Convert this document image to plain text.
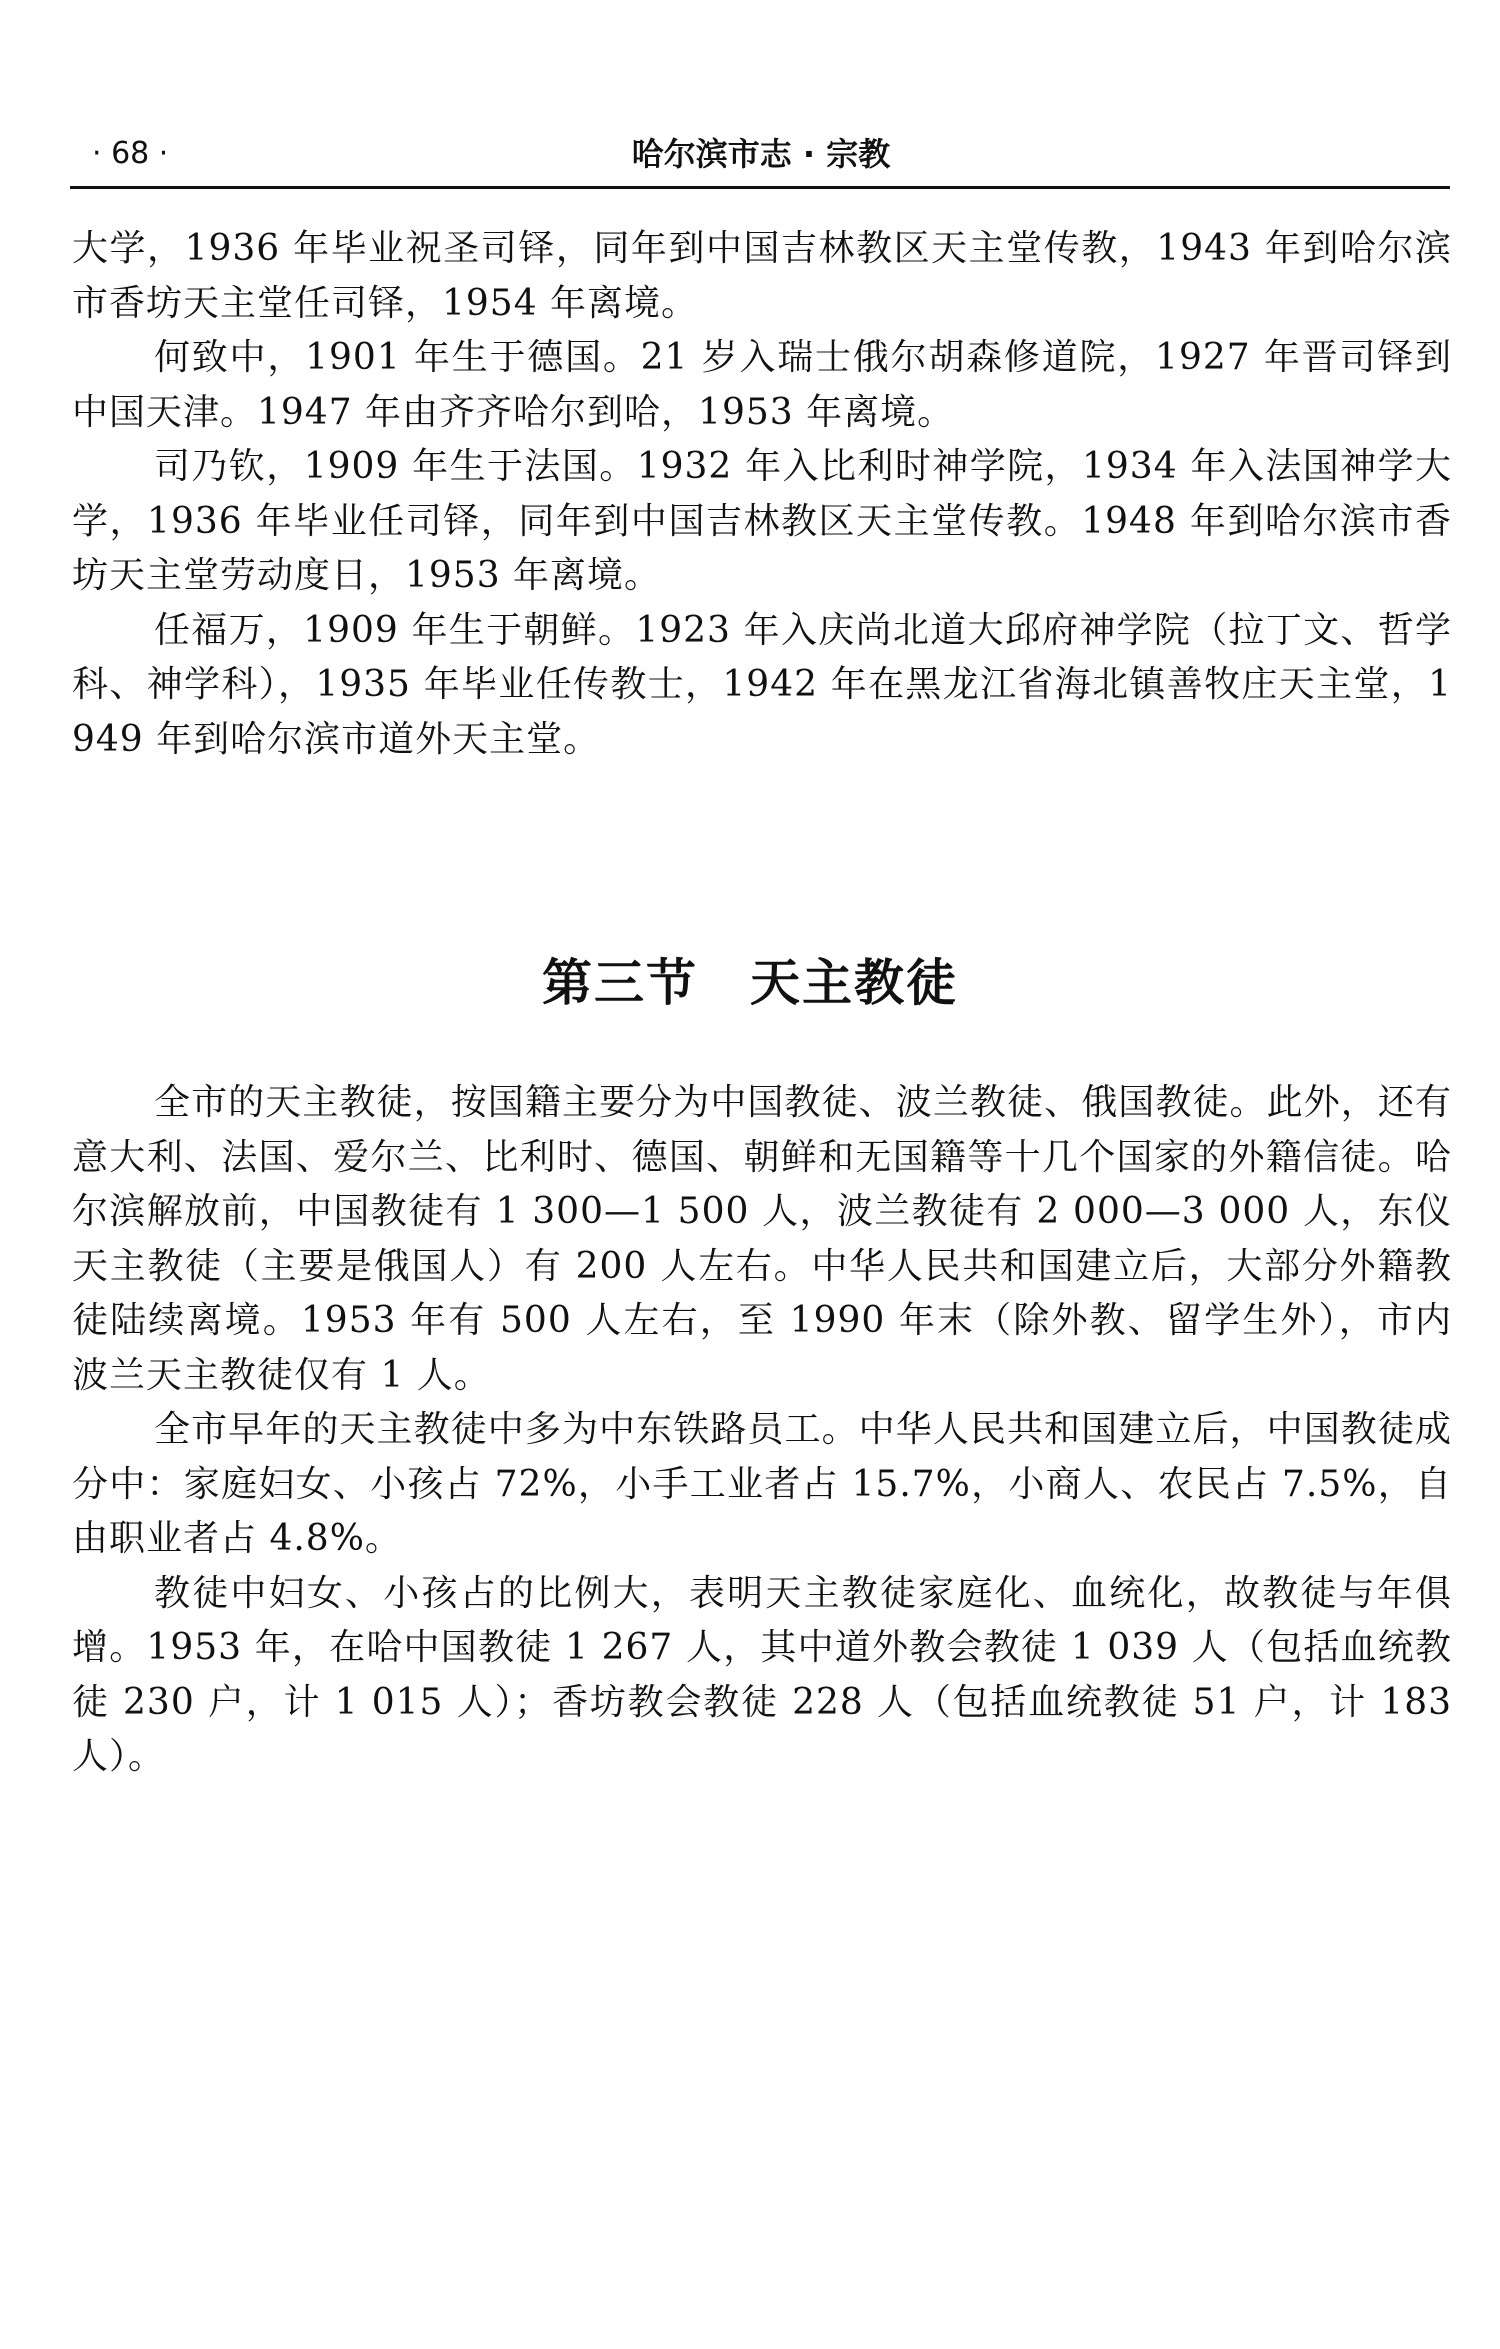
· 68 ·	哈尔滨市志 · 宗教

大学，1936 年毕业祝圣司铎，同年到中国吉林教区天主堂传教，1943 年到哈尔滨市香坊天主堂任司铎，1954 年离境。

何致中，1901 年生于德国。21 岁入瑞士俄尔胡森修道院，1927 年晋司铎到中国天津。1947 年由齐齐哈尔到哈，1953 年离境。

司乃钦，1909 年生于法国。1932 年入比利时神学院，1934 年入法国神学大学，1936 年毕业任司铎，同年到中国吉林教区天主堂传教。1948 年到哈尔滨市香坊天主堂劳动度日，1953 年离境。

任福万，1909 年生于朝鲜。1923 年入庆尚北道大邱府神学院（拉丁文、哲学科、神学科），1935 年毕业任传教士，1942 年在黑龙江省海北镇善牧庄天主堂，1949 年到哈尔滨市道外天主堂。

第三节　天主教徒

全市的天主教徒，按国籍主要分为中国教徒、波兰教徒、俄国教徒。此外，还有意大利、法国、爱尔兰、比利时、德国、朝鲜和无国籍等十几个国家的外籍信徒。哈尔滨解放前，中国教徒有 1 300—1 500 人，波兰教徒有 2 000—3 000 人，东仪天主教徒（主要是俄国人）有 200 人左右。中华人民共和国建立后，大部分外籍教徒陆续离境。1953 年有 500 人左右，至 1990 年末（除外教、留学生外），市内波兰天主教徒仅有 1 人。

全市早年的天主教徒中多为中东铁路员工。中华人民共和国建立后，中国教徒成分中：家庭妇女、小孩占 72%，小手工业者占 15.7%，小商人、农民占 7.5%，自由职业者占 4.8%。

教徒中妇女、小孩占的比例大，表明天主教徒家庭化、血统化，故教徒与年俱增。1953 年，在哈中国教徒 1 267 人，其中道外教会教徒 1 039 人（包括血统教徒 230 户，计 1 015 人）；香坊教会教徒 228 人（包括血统教徒 51 户，计 183 人）。
